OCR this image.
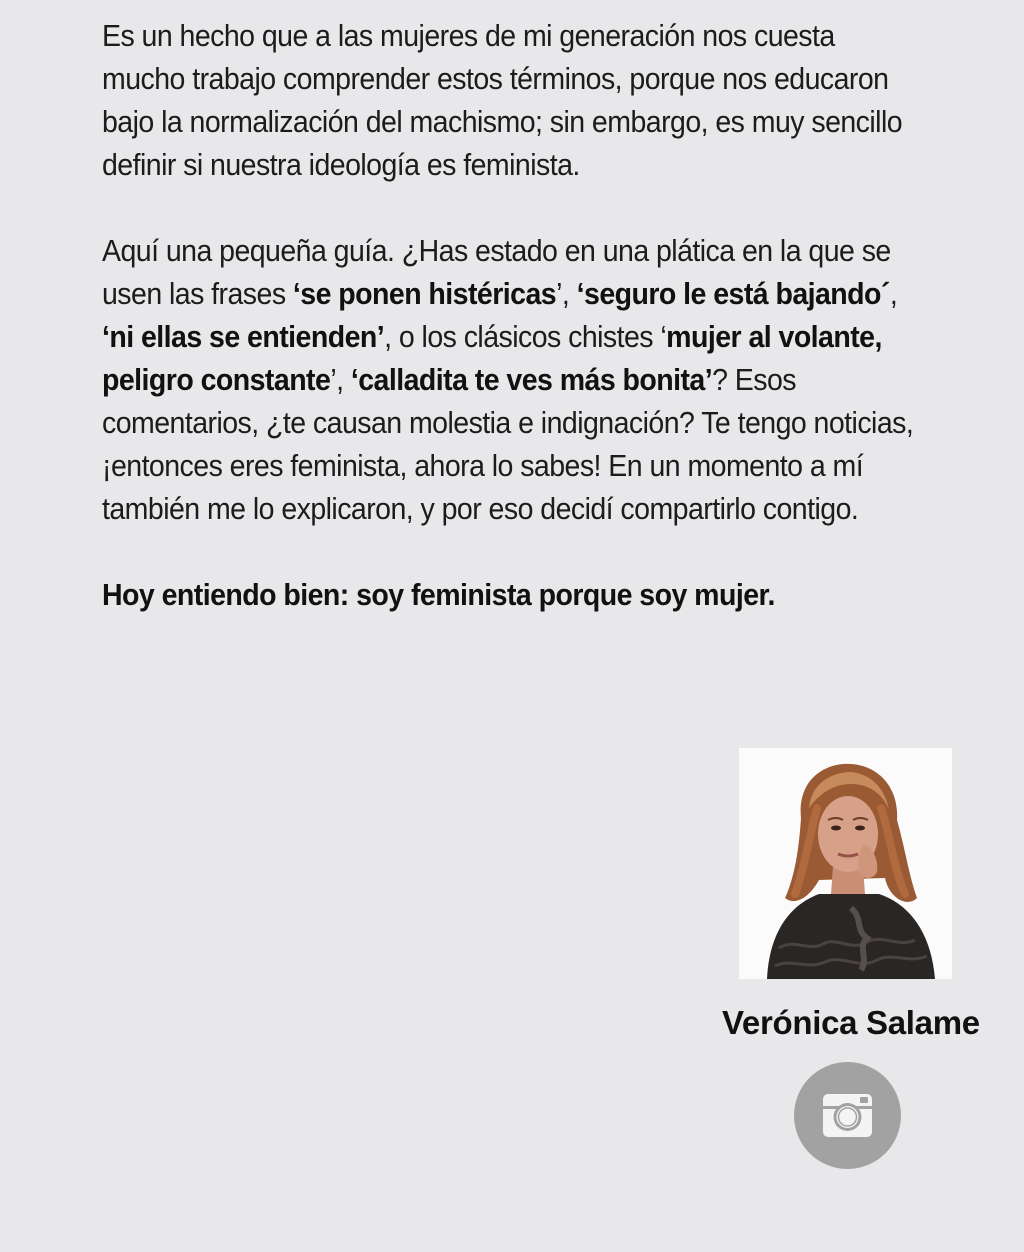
Es un hecho que a las mujeres de mi generación nos cuesta mucho trabajo comprender estos términos, porque nos educaron bajo la normalización del machismo; sin embargo, es muy sencillo definir si nuestra ideología es feminista.

Aquí una pequeña guía. ¿Has estado en una plática en la que se usen las frases ‘se ponen histéricas’, ‘seguro le está bajando´, ‘ni ellas se entienden’, o los clásicos chistes ‘mujer al volante, peligro constante’, ‘calladita te ves más bonita’? Esos comentarios, ¿te causan molestia e indignación? Te tengo noticias, ¡entonces eres feminista, ahora lo sabes! En un momento a mí también me lo explicaron, y por eso decidí compartirlo contigo.

Hoy entiendo bien: soy feminista porque soy mujer.

Verónica Salame
